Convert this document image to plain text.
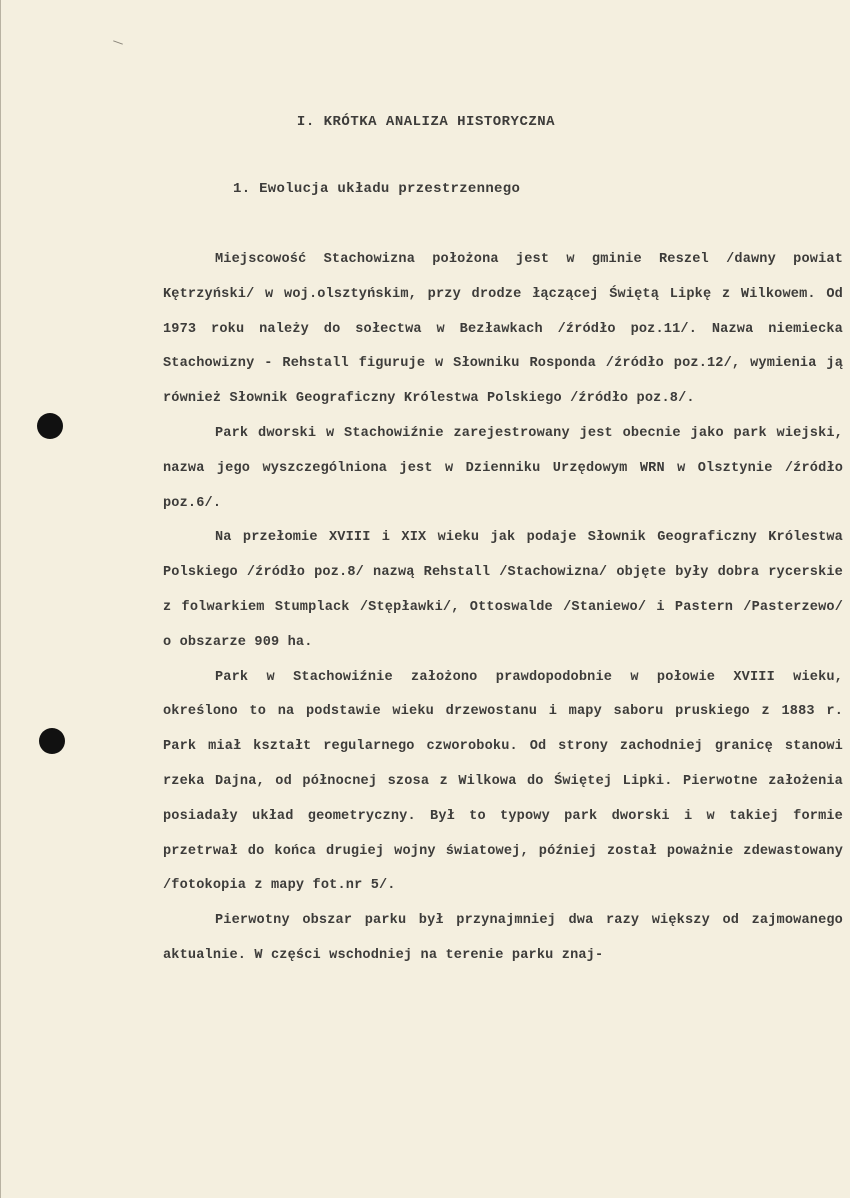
I. KRÓTKA ANALIZA HISTORYCZNA
1. Ewolucja układu przestrzennego

Miejscowość Stachowizna położona jest w gminie Reszel /dawny powiat Kętrzyński/ w woj.olsztyńskim, przy drodze łączącej Świętą Lipkę z Wilkowem. Od 1973 roku należy do sołectwa w Bezławkach /źródło poz.11/. Nazwa niemiecka Stachowizny - Rehstall figuruje w Słowniku Rosponda /źródło poz.12/, wymienia ją również Słownik Geograficzny Królestwa Polskiego /źródło poz.8/.

Park dworski w Stachowiźnie zarejestrowany jest obecnie jako park wiejski, nazwa jego wyszczególniona jest w Dzienniku Urzędowym WRN w Olsztynie /źródło poz.6/.

Na przełomie XVIII i XIX wieku jak podaje Słownik Geograficzny Królestwa Polskiego /źródło poz.8/ nazwą Rehstall /Stachowizna/ objęte były dobra rycerskie z folwarkiem Stumplack /Stępławki/, Ottoswalde /Staniewo/ i Pastern /Pasterzewo/ o obszarze 909 ha.

Park w Stachowiźnie założono prawdopodobnie w połowie XVIII wieku, określono to na podstawie wieku drzewostanu i mapy saboru pruskiego z 1883 r. Park miał kształt regularnego czworoboku. Od strony zachodniej granicę stanowi rzeka Dajna, od północnej szosa z Wilkowa do Świętej Lipki. Pierwotne założenia posiadały układ geometryczny. Był to typowy park dworski i w takiej formie przetrwał do końca drugiej wojny światowej, później został poważnie zdewastowany /fotokopia z mapy fot.nr 5/.

Pierwotny obszar parku był przynajmniej dwa razy większy od zajmowanego aktualnie. W części wschodniej na terenie parku znaj-
